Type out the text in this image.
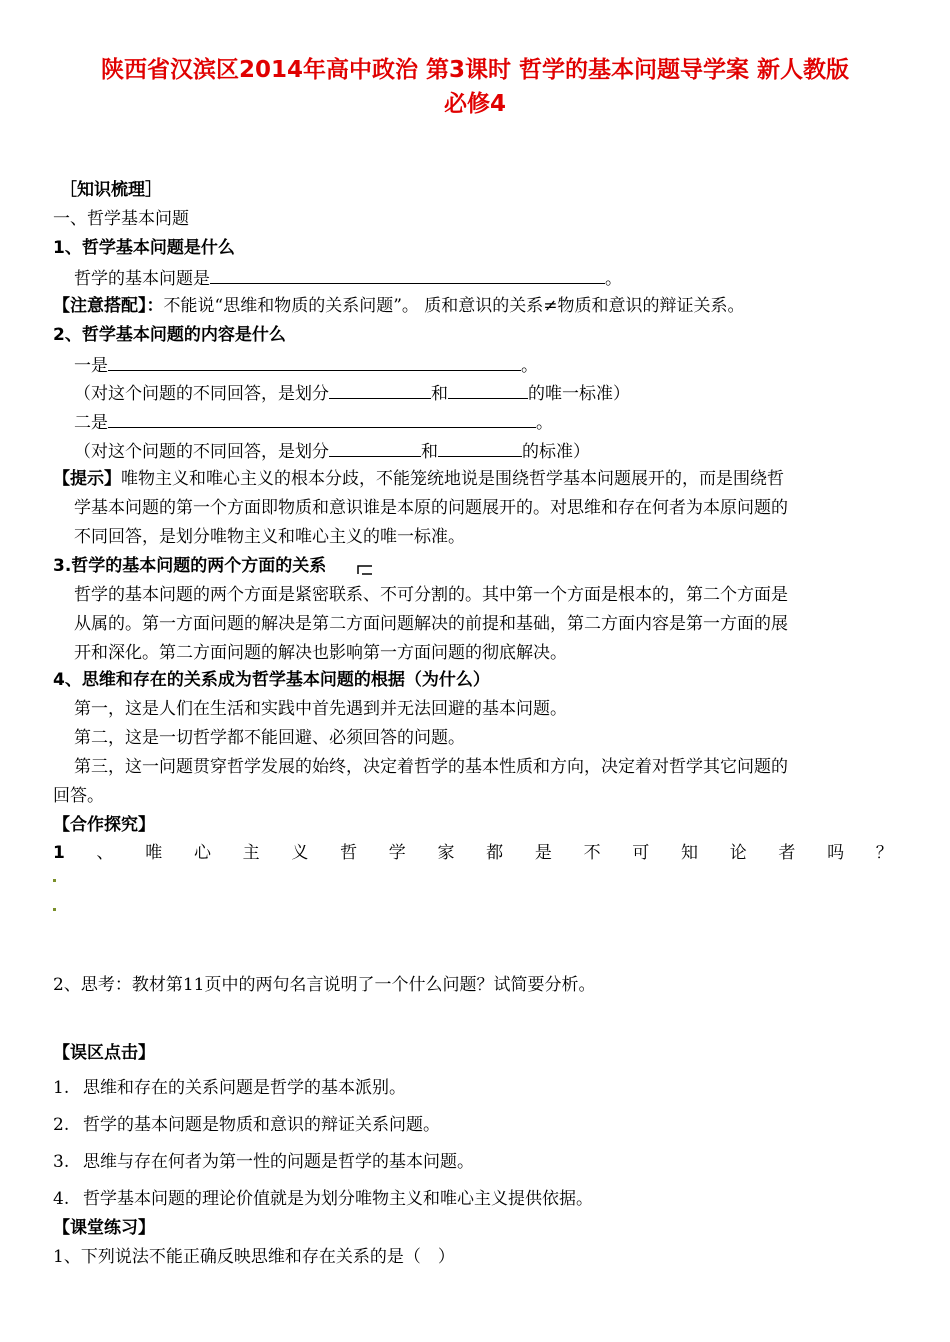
陕西省汉滨区2014年高中政治 第3课时 哲学的基本问题导学案 新人教版
必修4
［知识梳理］
一、哲学基本问题
1、哲学基本问题是什么
哲学的基本问题是	。
【注意搭配】：不能说“思维和物质的关系问题”。 质和意识的关系≠物质和意识的辩证关系。
2、哲学基本问题的内容是什么
一是	。
（对这个问题的不同回答，是划分	和	的唯一标准）
二是	。
（对这个问题的不同回答，是划分	和	的标准）
【提示】唯物主义和唯心主义的根本分歧，不能笼统地说是围绕哲学基本问题展开的，而是围绕哲
学基本问题的第一个方面即物质和意识谁是本原的问题展开的。对思维和存在何者为本原问题的
不同回答，是划分唯物主义和唯心主义的唯一标准。
3.哲学的基本问题的两个方面的关系
哲学的基本问题的两个方面是紧密联系、不可分割的。其中第一个方面是根本的，第二个方面是
从属的。第一方面问题的解决是第二方面问题解决的前提和基础，第二方面内容是第一方面的展
开和深化。第二方面问题的解决也影响第一方面问题的彻底解决。
4、思维和存在的关系成为哲学基本问题的根据（为什么）
第一，这是人们在生活和实践中首先遇到并无法回避的基本问题。
第二，这是一切哲学都不能回避、必须回答的问题。
第三，这一问题贯穿哲学发展的始终，决定着哲学的基本性质和方向，决定着对哲学其它问题的
回答。
【合作探究】
1 、 唯 心 主 义 哲 学 家 都 是 不 可 知 论 者 吗 ？
2、思考：教材第11页中的两句名言说明了一个什么问题？试简要分析。
【误区点击】
1. 思维和存在的关系问题是哲学的基本派别。
2. 哲学的基本问题是物质和意识的辩证关系问题。
3. 思维与存在何者为第一性的问题是哲学的基本问题。
4. 哲学基本问题的理论价值就是为划分唯物主义和唯心主义提供依据。
【课堂练习】
1、下列说法不能正确反映思维和存在关系的是（　）
